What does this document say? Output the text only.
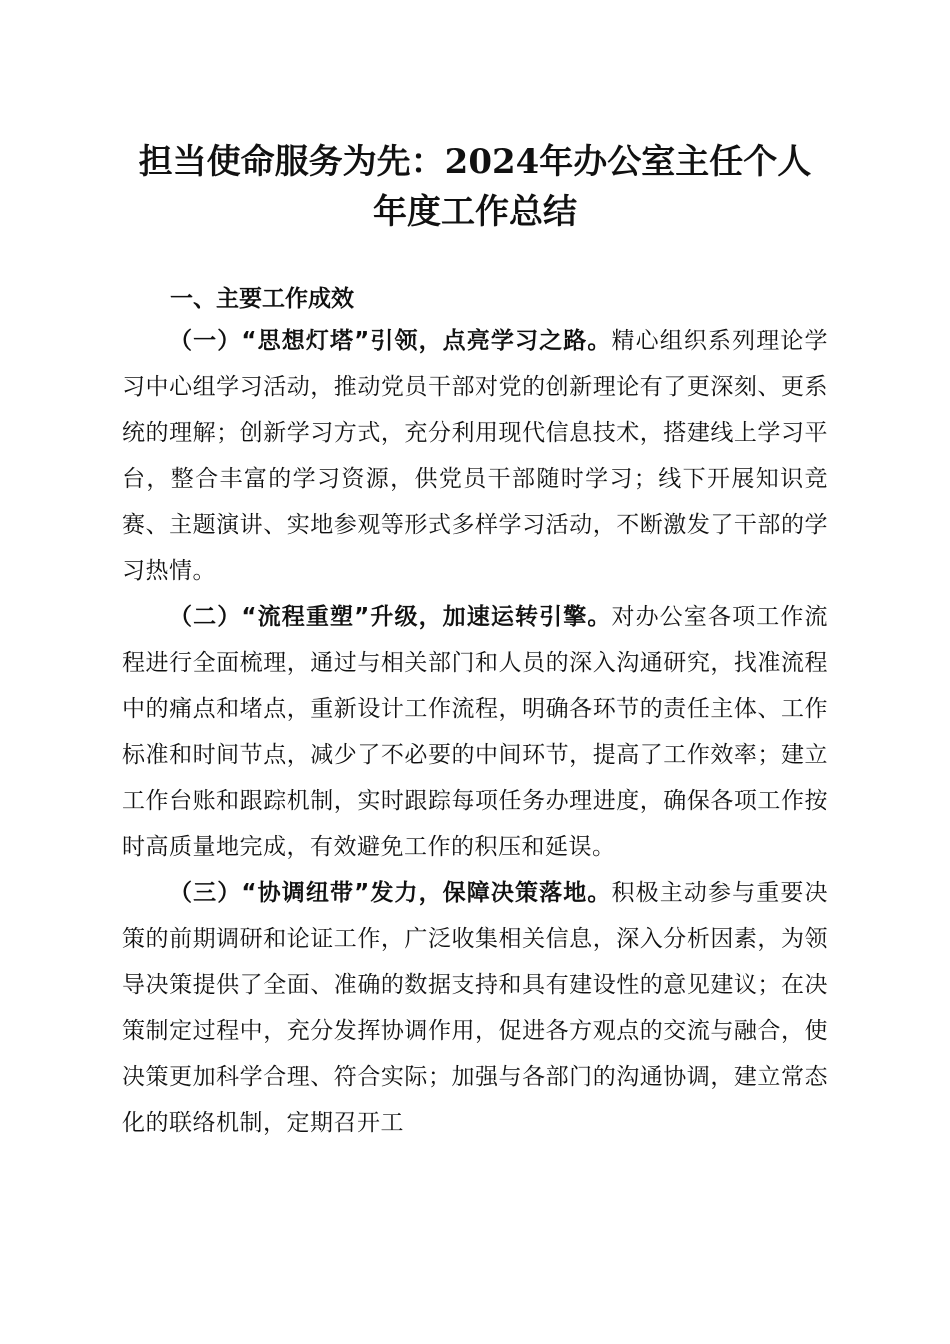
担当使命服务为先：2024年办公室主任个人
年度工作总结
一、主要工作成效

（一）“思想灯塔”引领，点亮学习之路。精心组织系列理论学习中心组学习活动，推动党员干部对党的创新理论有了更深刻、更系统的理解；创新学习方式，充分利用现代信息技术，搭建线上学习平台，整合丰富的学习资源，供党员干部随时学习；线下开展知识竞赛、主题演讲、实地参观等形式多样学习活动，不断激发了干部的学习热情。

（二）“流程重塑”升级，加速运转引擎。对办公室各项工作流程进行全面梳理，通过与相关部门和人员的深入沟通研究，找准流程中的痛点和堵点，重新设计工作流程，明确各环节的责任主体、工作标准和时间节点，减少了不必要的中间环节，提高了工作效率；建立工作台账和跟踪机制，实时跟踪每项任务办理进度，确保各项工作按时高质量地完成，有效避免工作的积压和延误。

（三）“协调纽带”发力，保障决策落地。积极主动参与重要决策的前期调研和论证工作，广泛收集相关信息，深入分析因素，为领导决策提供了全面、准确的数据支持和具有建设性的意见建议；在决策制定过程中，充分发挥协调作用，促进各方观点的交流与融合，使决策更加科学合理、符合实际；加强与各部门的沟通协调，建立常态化的联络机制，定期召开工
